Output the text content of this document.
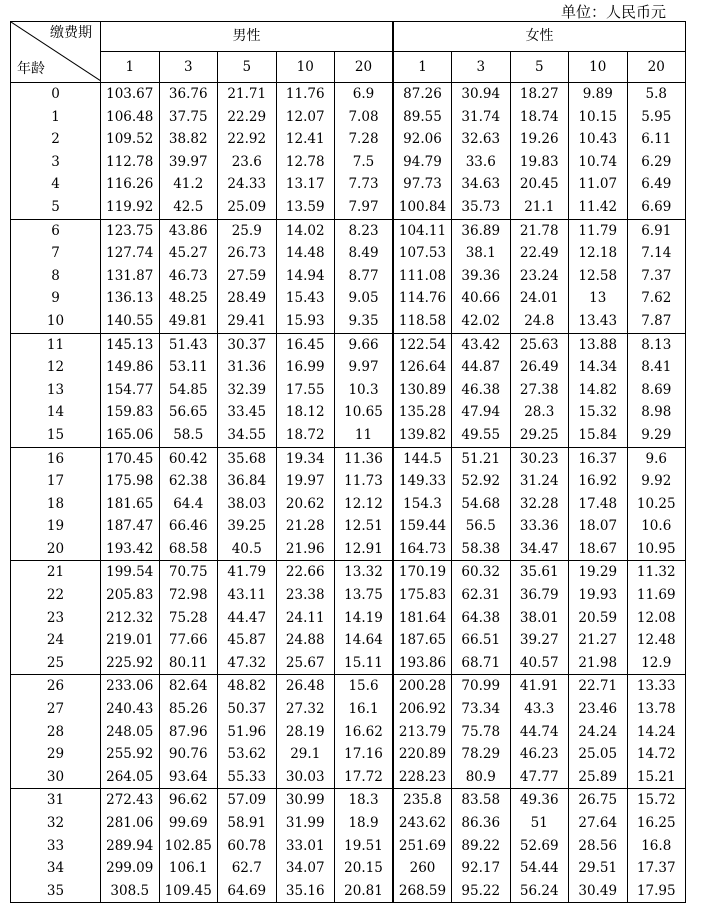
单位：人民币元
缴费期
年龄	男性					女性				
	1	3	5	10	20	1	3	5	10	20
0	103.67	36.76	21.71	11.76	6.9	87.26	30.94	18.27	9.89	5.8
1	106.48	37.75	22.29	12.07	7.08	89.55	31.74	18.74	10.15	5.95
2	109.52	38.82	22.92	12.41	7.28	92.06	32.63	19.26	10.43	6.11
3	112.78	39.97	23.6	12.78	7.5	94.79	33.6	19.83	10.74	6.29
4	116.26	41.2	24.33	13.17	7.73	97.73	34.63	20.45	11.07	6.49
5	119.92	42.5	25.09	13.59	7.97	100.84	35.73	21.1	11.42	6.69
6	123.75	43.86	25.9	14.02	8.23	104.11	36.89	21.78	11.79	6.91
7	127.74	45.27	26.73	14.48	8.49	107.53	38.1	22.49	12.18	7.14
8	131.87	46.73	27.59	14.94	8.77	111.08	39.36	23.24	12.58	7.37
9	136.13	48.25	28.49	15.43	9.05	114.76	40.66	24.01	13	7.62
10	140.55	49.81	29.41	15.93	9.35	118.58	42.02	24.8	13.43	7.87
11	145.13	51.43	30.37	16.45	9.66	122.54	43.42	25.63	13.88	8.13
12	149.86	53.11	31.36	16.99	9.97	126.64	44.87	26.49	14.34	8.41
13	154.77	54.85	32.39	17.55	10.3	130.89	46.38	27.38	14.82	8.69
14	159.83	56.65	33.45	18.12	10.65	135.28	47.94	28.3	15.32	8.98
15	165.06	58.5	34.55	18.72	11	139.82	49.55	29.25	15.84	9.29
16	170.45	60.42	35.68	19.34	11.36	144.5	51.21	30.23	16.37	9.6
17	175.98	62.38	36.84	19.97	11.73	149.33	52.92	31.24	16.92	9.92
18	181.65	64.4	38.03	20.62	12.12	154.3	54.68	32.28	17.48	10.25
19	187.47	66.46	39.25	21.28	12.51	159.44	56.5	33.36	18.07	10.6
20	193.42	68.58	40.5	21.96	12.91	164.73	58.38	34.47	18.67	10.95
21	199.54	70.75	41.79	22.66	13.32	170.19	60.32	35.61	19.29	11.32
22	205.83	72.98	43.11	23.38	13.75	175.83	62.31	36.79	19.93	11.69
23	212.32	75.28	44.47	24.11	14.19	181.64	64.38	38.01	20.59	12.08
24	219.01	77.66	45.87	24.88	14.64	187.65	66.51	39.27	21.27	12.48
25	225.92	80.11	47.32	25.67	15.11	193.86	68.71	40.57	21.98	12.9
26	233.06	82.64	48.82	26.48	15.6	200.28	70.99	41.91	22.71	13.33
27	240.43	85.26	50.37	27.32	16.1	206.92	73.34	43.3	23.46	13.78
28	248.05	87.96	51.96	28.19	16.62	213.79	75.78	44.74	24.24	14.24
29	255.92	90.76	53.62	29.1	17.16	220.89	78.29	46.23	25.05	14.72
30	264.05	93.64	55.33	30.03	17.72	228.23	80.9	47.77	25.89	15.21
31	272.43	96.62	57.09	30.99	18.3	235.8	83.58	49.36	26.75	15.72
32	281.06	99.69	58.91	31.99	18.9	243.62	86.36	51	27.64	16.25
33	289.94	102.85	60.78	33.01	19.51	251.69	89.22	52.69	28.56	16.8
34	299.09	106.1	62.7	34.07	20.15	260	92.17	54.44	29.51	17.37
35	308.5	109.45	64.69	35.16	20.81	268.59	95.22	56.24	30.49	17.95
